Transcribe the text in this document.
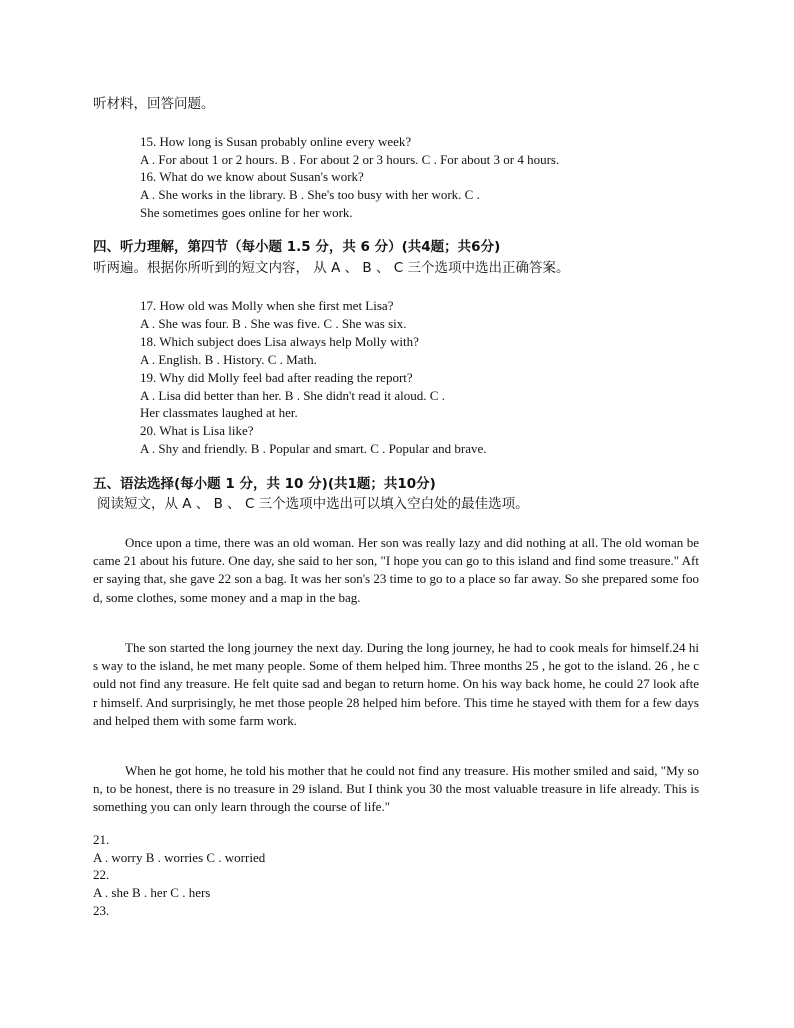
听材料，回答问题。
15. How long is Susan probably online every week?
A . For about 1 or 2 hours. B . For about 2 or 3 hours. C . For about 3 or 4 hours.
16. What do we know about Susan's work?
A . She works in the library. B . She's too busy with her work. C .
She sometimes goes online for her work.
四、听力理解，第四节（每小题 1.5 分，共 6 分）(共4题；共6分)
听两遍。根据你所听到的短文内容， 从 A 、 B 、 C 三个选项中选出正确答案。
17. How old was Molly when she first met Lisa?
A . She was four. B . She was five. C . She was six.
18. Which subject does Lisa always help Molly with?
A . English. B . History. C . Math.
19. Why did Molly feel bad after reading the report?
A . Lisa did better than her. B . She didn't read it aloud. C .
Her classmates laughed at her.
20. What is Lisa like?
A . Shy and friendly. B . Popular and smart. C . Popular and brave.
五、语法选择(每小题 1 分，共 10 分)(共1题；共10分)
阅读短文，从 A 、 B 、 C 三个选项中选出可以填入空白处的最佳选项。
Once upon a time, there was an old woman. Her son was really lazy and did nothing at all. The old woman became 21 about his future. One day, she said to her son, "I hope you can go to this island and find some treasure." After saying that, she gave 22 son a bag. It was her son's 23 time to go to a place so far away. So she prepared some food, some clothes, some money and a map in the bag.
The son started the long journey the next day. During the long journey, he had to cook meals for himself.24 his way to the island, he met many people. Some of them helped him. Three months 25 , he got to the island. 26 , he could not find any treasure. He felt quite sad and began to return home. On his way back home, he could 27 look after himself. And surprisingly, he met those people 28 helped him before. This time he stayed with them for a few days and helped them with some farm work.
When he got home, he told his mother that he could not find any treasure. His mother smiled and said, "My son, to be honest, there is no treasure in 29 island. But I think you 30 the most valuable treasure in life already. This is something you can only learn through the course of life."
21.
A . worry B . worries C . worried
22.
A . she B . her C . hers
23.
